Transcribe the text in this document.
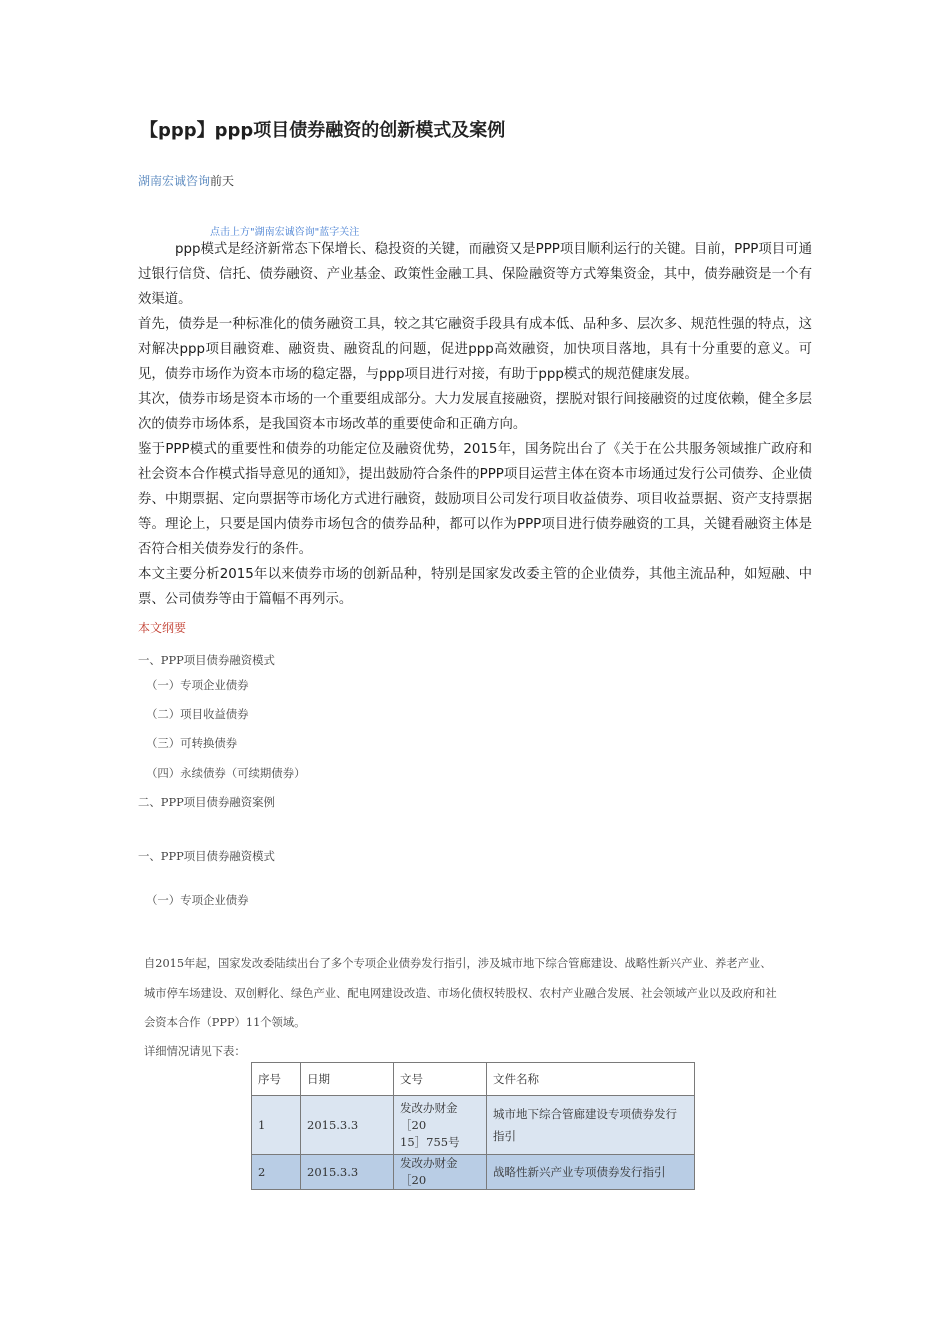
【ppp】ppp项目债券融资的创新模式及案例
湖南宏诚咨询前天
点击上方"湖南宏诚咨询"蓝字关注

ppp模式是经济新常态下保增长、稳投资的关键，而融资又是PPP项目顺利运行的关键。目前，PPP项目可通过银行信贷、信托、债券融资、产业基金、政策性金融工具、保险融资等方式筹集资金，其中，债券融资是一个有效渠道。

首先，债券是一种标准化的债务融资工具，较之其它融资手段具有成本低、品种多、层次多、规范性强的特点，这对解决ppp项目融资难、融资贵、融资乱的问题，促进ppp高效融资，加快项目落地，具有十分重要的意义。可见，债券市场作为资本市场的稳定器，与ppp项目进行对接，有助于ppp模式的规范健康发展。

其次，债券市场是资本市场的一个重要组成部分。大力发展直接融资，摆脱对银行间接融资的过度依赖，健全多层次的债券市场体系，是我国资本市场改革的重要使命和正确方向。

鉴于PPP模式的重要性和债券的功能定位及融资优势，2015年，国务院出台了《关于在公共服务领域推广政府和社会资本合作模式指导意见的通知》，提出鼓励符合条件的PPP项目运营主体在资本市场通过发行公司债券、企业债券、中期票据、定向票据等市场化方式进行融资，鼓励项目公司发行项目收益债券、项目收益票据、资产支持票据等。理论上，只要是国内债券市场包含的债券品种，都可以作为PPP项目进行债券融资的工具，关键看融资主体是否符合相关债券发行的条件。

本文主要分析2015年以来债券市场的创新品种，特别是国家发改委主管的企业债券，其他主流品种，如短融、中票、公司债券等由于篇幅不再列示。

本文纲要
一、PPP项目债券融资模式
（一）专项企业债券
（二）项目收益债券
（三）可转换债券
（四）永续债券（可续期债券）
二、PPP项目债券融资案例
一、PPP项目债券融资模式
（一）专项企业债券
自2015年起，国家发改委陆续出台了多个专项企业债券发行指引，涉及城市地下综合管廊建设、战略性新兴产业、养老产业、
城市停车场建设、双创孵化、绿色产业、配电网建设改造、市场化债权转股权、农村产业融合发展、社会领域产业以及政府和社
会资本合作（PPP）11个领域。
详细情况请见下表：
序号	日期	文号	文件名称
1	2015.3.3	发改办财金
［20
15］755号	城市地下综合管廊建设专项债券发行
指引

2	2015.3.3	发改办财金
［20	战略性新兴产业专项债券发行指引
